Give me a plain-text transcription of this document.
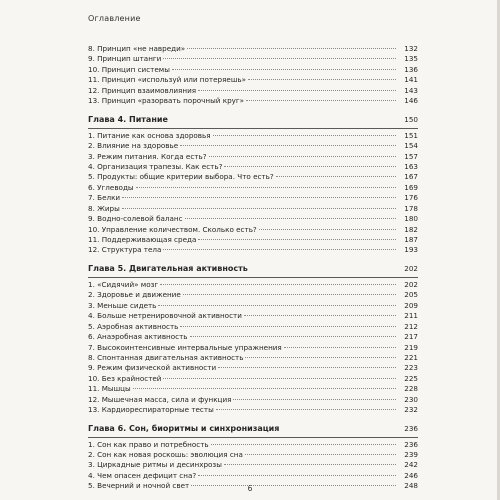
Оглавление
8. Принцип «не навреди»	132
9. Принцип штанги	135
10. Принцип системы	136
11. Принцип «используй или потеряешь»	141
12. Принцип взаимовлияния	143
13. Принцип «разорвать порочный круг»	146
Глава 4. Питание	150
1. Питание как основа здоровья	151
2. Влияние на здоровье	154
3. Режим питания. Когда есть?	157
4. Организация трапезы. Как есть?	163
5. Продукты: общие критерии выбора. Что есть?	167
6. Углеводы	169
7. Белки	176
8. Жиры	178
9. Водно-солевой баланс	180
10. Управление количеством. Сколько есть?	182
11. Поддерживающая среда	187
12. Структура тела	193
Глава 5. Двигательная активность	202
1. «Сидячий» мозг	202
2. Здоровье и движение	205
3. Меньше сидеть	209
4. Больше нетренировочной активности	211
5. Аэробная активность	212
6. Анаэробная активность	217
7. Высокоинтенсивные интервальные упражнения	219
8. Спонтанная двигательная активность	221
9. Режим физической активности	223
10. Без крайностей	225
11. Мышцы	228
12. Мышечная масса, сила и функция	230
13. Кардиореспираторные тесты	232
Глава 6. Сон, биоритмы и синхронизация	236
1. Сон как право и потребность	236
2. Сон как новая роскошь: эволюция сна	239
3. Циркадные ритмы и десинхрозы	242
4. Чем опасен дефицит сна?	246
5. Вечерний и ночной свет	248
6
